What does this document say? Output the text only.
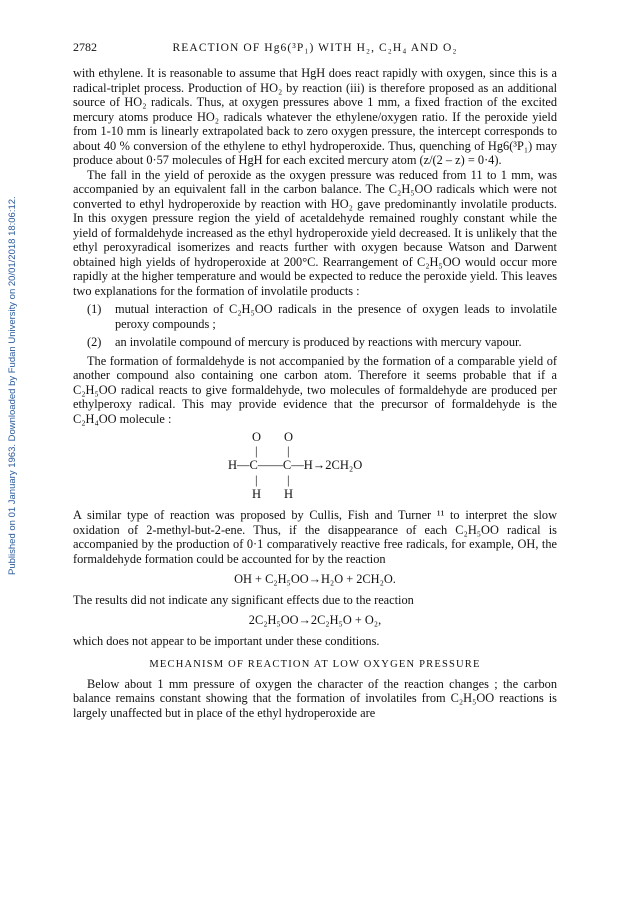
Published on 01 January 1963. Downloaded by Fudan University on 20/01/2018 18:06:12.
2782	REACTION OF Hg6(³P₁) WITH H₂, C₂H₄ AND O₂

with ethylene. It is reasonable to assume that HgH does react rapidly with oxygen, since this is a radical-triplet process. Production of HO₂ by reaction (iii) is therefore proposed as an additional source of HO₂ radicals. Thus, at oxygen pressures above 1 mm, a fixed fraction of the excited mercury atoms produce HO₂ radicals whatever the ethylene/oxygen ratio. If the peroxide yield from 1-10 mm is linearly extrapolated back to zero oxygen pressure, the intercept corresponds to about 40 % conversion of the ethylene to ethyl hydroperoxide. Thus, quenching of Hg6(³P₁) may produce about 0·57 molecules of HgH for each excited mercury atom (z/(2 – z) = 0·4).

The fall in the yield of peroxide as the oxygen pressure was reduced from 11 to 1 mm, was accompanied by an equivalent fall in the carbon balance. The C₂H₅OO radicals which were not converted to ethyl hydroperoxide by reaction with HO₂ gave predominantly involatile products. In this oxygen pressure region the yield of acetaldehyde remained roughly constant while the yield of formaldehyde increased as the ethyl hydroperoxide yield decreased. It is unlikely that the ethyl peroxyradical isomerizes and reacts further with oxygen because Watson and Darwent obtained high yields of hydroperoxide at 200°C. Rearrangement of C₂H₅OO would occur more rapidly at the higher temperature and would be expected to reduce the peroxide yield. This leaves two explanations for the formation of involatile products :

(1)	mutual interaction of C₂H₅OO radicals in the presence of oxygen leads to involatile peroxy compounds ;
(2)	an involatile compound of mercury is produced by reactions with mercury vapour.

The formation of formaldehyde is not accompanied by the formation of a comparable yield of another compound also containing one carbon atom. Therefore it seems probable that if a C₂H₅OO radical reacts to give formaldehyde, two molecules of formaldehyde are produced per ethylperoxy radical. This may provide evidence that the precursor of formaldehyde is the C₂H₄OO molecule :

O O
| |
H—C——C—H→2CH₂O
| |
H H

A similar type of reaction was proposed by Cullis, Fish and Turner ¹¹ to interpret the slow oxidation of 2-methyl-but-2-ene. Thus, if the disappearance of each C₂H₅OO radical is accompanied by the production of 0·1 comparatively reactive free radicals, for example, OH, the formaldehyde formation could be accounted for by the reaction

OH + C₂H₅OO→H₂O + 2CH₂O.

The results did not indicate any significant effects due to the reaction

2C₂H₅OO→2C₂H₅O + O₂,

which does not appear to be important under these conditions.

MECHANISM OF REACTION AT LOW OXYGEN PRESSURE

Below about 1 mm pressure of oxygen the character of the reaction changes ; the carbon balance remains constant showing that the formation of involatiles from C₂H₅OO reactions is largely unaffected but in place of the ethyl hydroperoxide are
